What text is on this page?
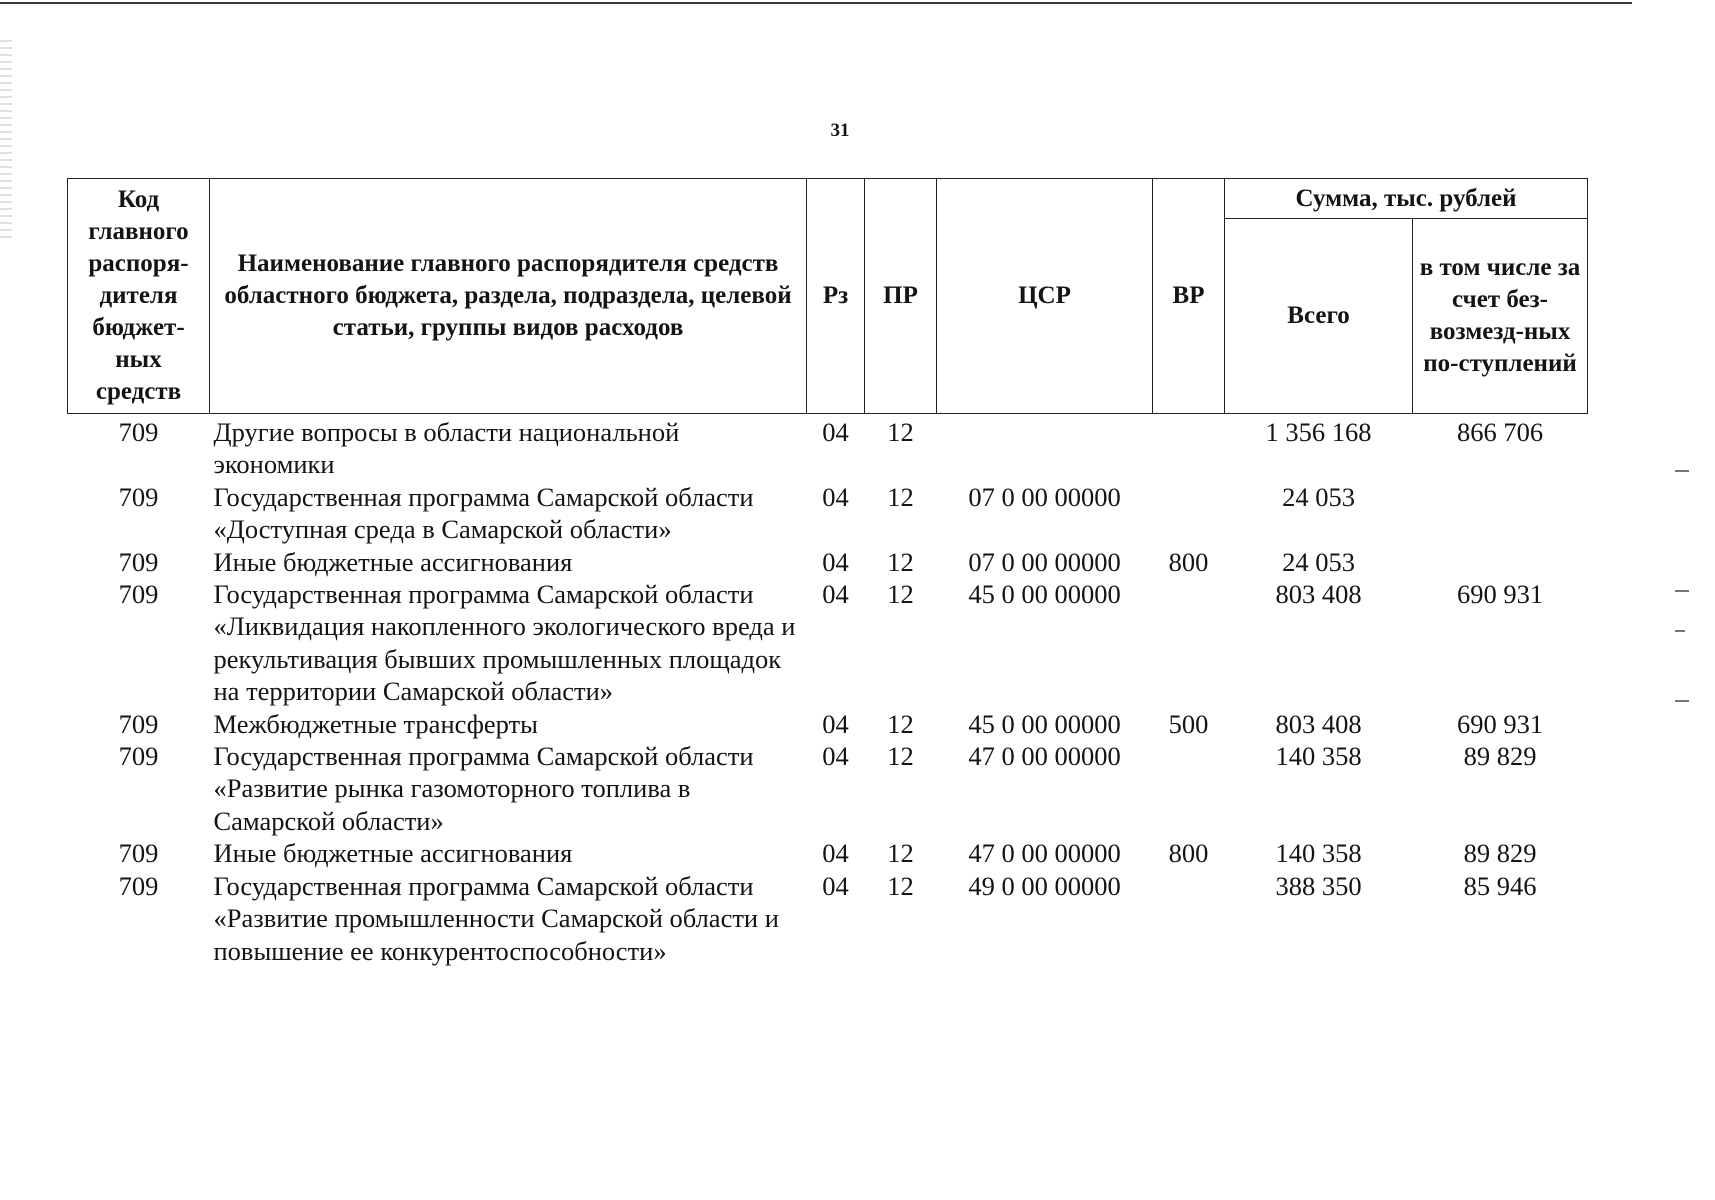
31
Код главного распоря-дителя бюджет-ных средств	Наименование главного распорядителя средств областного бюджета, раздела, подраздела, целевой статьи, группы видов расходов	Рз	ПР	ЦСР	ВР	Сумма, тыс. рублей	
						Всего	в том числе за счет без-возмезд-ных по-ступлений
709	Другие вопросы в области национальной экономики	04	12			1 356 168	866 706
709	Государственная программа Самарской области «Доступная среда в Самарской области»	04	12	07 0 00 00000		24 053	
709	Иные бюджетные ассигнования	04	12	07 0 00 00000	800	24 053	
709	Государственная программа Самарской области «Ликвидация накопленного экологического вреда и рекультивация бывших промышленных площадок на территории Самарской области»	04	12	45 0 00 00000		803 408	690 931
709	Межбюджетные трансферты	04	12	45 0 00 00000	500	803 408	690 931
709	Государственная программа Самарской области «Развитие рынка газомоторного топлива в Самарской области»	04	12	47 0 00 00000		140 358	89 829
709	Иные бюджетные ассигнования	04	12	47 0 00 00000	800	140 358	89 829
709	Государственная программа Самарской области «Развитие промышленности Самарской области и повышение ее конкурентоспособности»	04	12	49 0 00 00000		388 350	85 946
